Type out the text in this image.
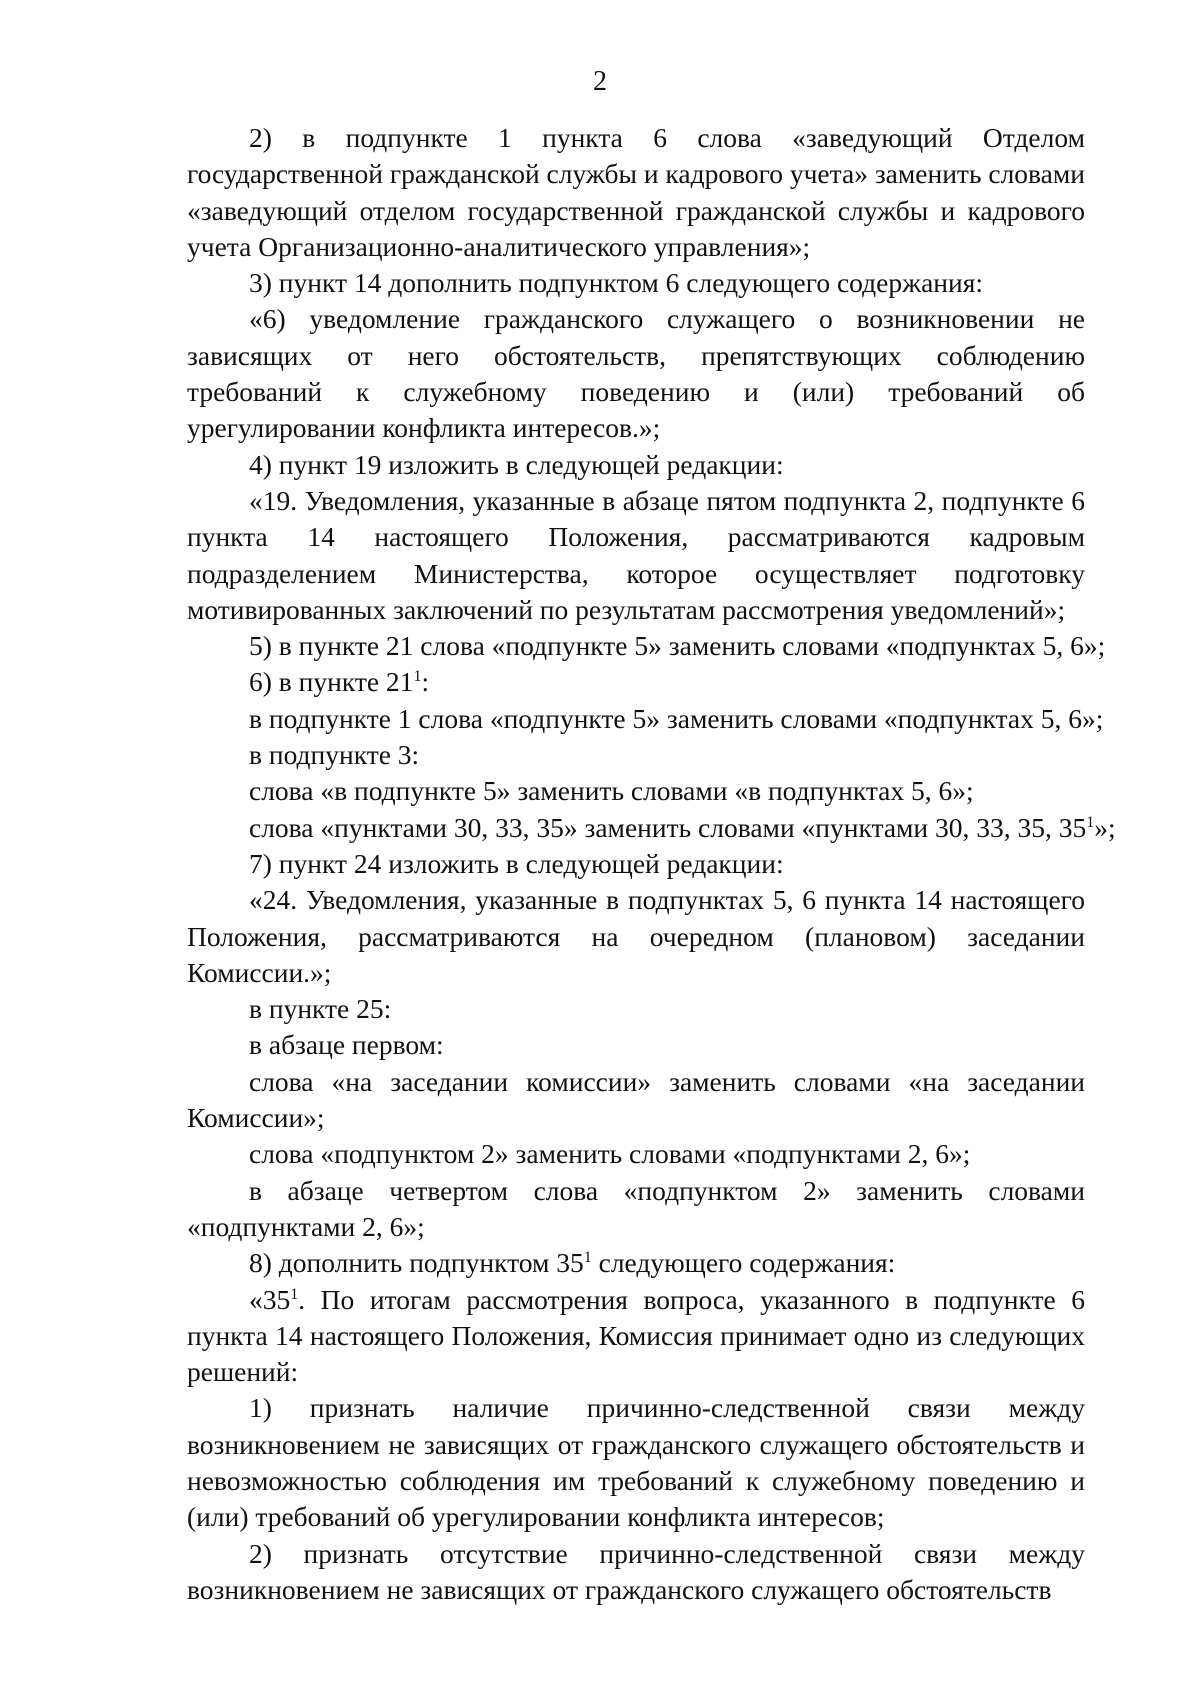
2

2) в подпункте 1 пункта 6 слова «заведующий Отделом государственной гражданской службы и кадрового учета» заменить словами «заведующий отделом государственной гражданской службы и кадрового учета Организационно-аналитического управления»;

3) пункт 14 дополнить подпунктом 6 следующего содержания:

«6) уведомление гражданского служащего о возникновении не зависящих от него обстоятельств, препятствующих соблюдению требований к служебному поведению и (или) требований об урегулировании конфликта интересов.»;

4) пункт 19 изложить в следующей редакции:

«19. Уведомления, указанные в абзаце пятом подпункта 2, подпункте 6 пункта 14 настоящего Положения, рассматриваются кадровым подразделением Министерства, которое осуществляет подготовку мотивированных заключений по результатам рассмотрения уведомлений»;

5) в пункте 21 слова «подпункте 5» заменить словами «подпунктах 5, 6»;

6) в пункте $21^1$:

в подпункте 1 слова «подпункте 5» заменить словами «подпунктах 5, 6»;

в подпункте 3:

слова «в подпункте 5» заменить словами «в подпунктах 5, 6»;

слова «пунктами 30, 33, 35» заменить словами «пунктами 30, 33, 35, $35^1$»;

7) пункт 24 изложить в следующей редакции:

«24. Уведомления, указанные в подпунктах 5, 6 пункта 14 настоящего Положения, рассматриваются на очередном (плановом) заседании Комиссии.»;

в пункте 25:

в абзаце первом:

слова «на заседании комиссии» заменить словами «на заседании Комиссии»;

слова «подпунктом 2» заменить словами «подпунктами 2, 6»;

в абзаце четвертом слова «подпунктом 2» заменить словами «подпунктами 2, 6»;

8) дополнить подпунктом $35^1$ следующего содержания:

«$35^1$. По итогам рассмотрения вопроса, указанного в подпункте 6 пункта 14 настоящего Положения, Комиссия принимает одно из следующих решений:

1) признать наличие причинно-следственной связи между возникновением не зависящих от гражданского служащего обстоятельств и невозможностью соблюдения им требований к служебному поведению и (или) требований об урегулировании конфликта интересов;

2) признать отсутствие причинно-следственной связи между возникновением не зависящих от гражданского служащего обстоятельств
